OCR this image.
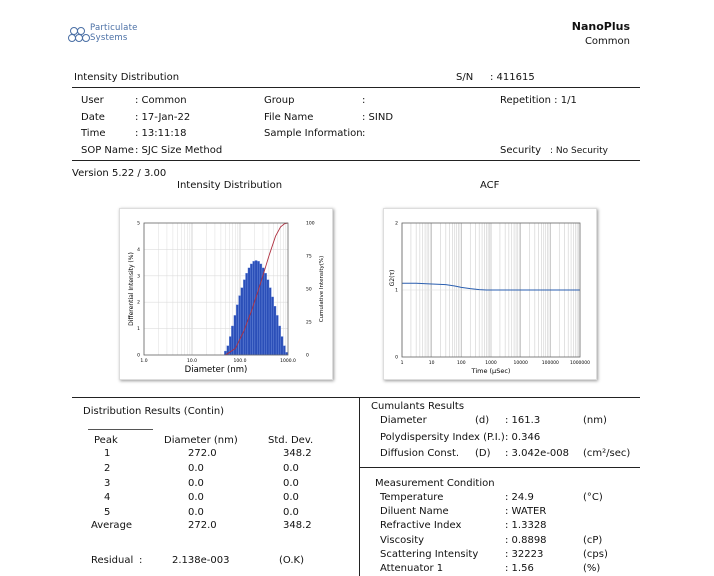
Particulate
Systems
NanoPlus
Common
Intensity Distribution	S/N : 411615
User	: Common
Date	: 17-Jan-22
Time	: 13:11:18
SOP Name : SJC Size Method
Group	:
File Name	: SIND
Sample Information :
Repetition : 1/1
Security : No Security
Version 5.22 / 3.00
Intensity Distribution	ACF
1.0	10.0	100.0	1000.0
0
1
2
3
4
5
0
25
50
75
100
Diameter (nm)
Differential Intensity (%)	Cumulative Intensity(%)
1	10	100	1000	10000	100000 1000000
0
1
2
Time (μSec)
G2(τ)
Distribution Results (Contin)
Peak	Diameter (nm)	Std. Dev.
1	272.0	348.2
2	0.0	0.0
3	0.0	0.0
4	0.0	0.0
5	0.0	0.0
Average	272.0	348.2
Residual :	2.138e-003	(O.K)
Cumulants Results
Diameter	(d) : 161.3	(nm)
Polydispersity Index (P.I.) : 0.346
Diffusion Const. (D) : 3.042e-008 (cm²/sec)
Measurement Condition
Temperature	: 24.9	(°C)
Diluent Name	: WATER
Refractive Index	: 1.3328
Viscosity	: 0.8898	(cP)
Scattering Intensity	: 32223	(cps)
Attenuator 1	: 1.56	(%)
